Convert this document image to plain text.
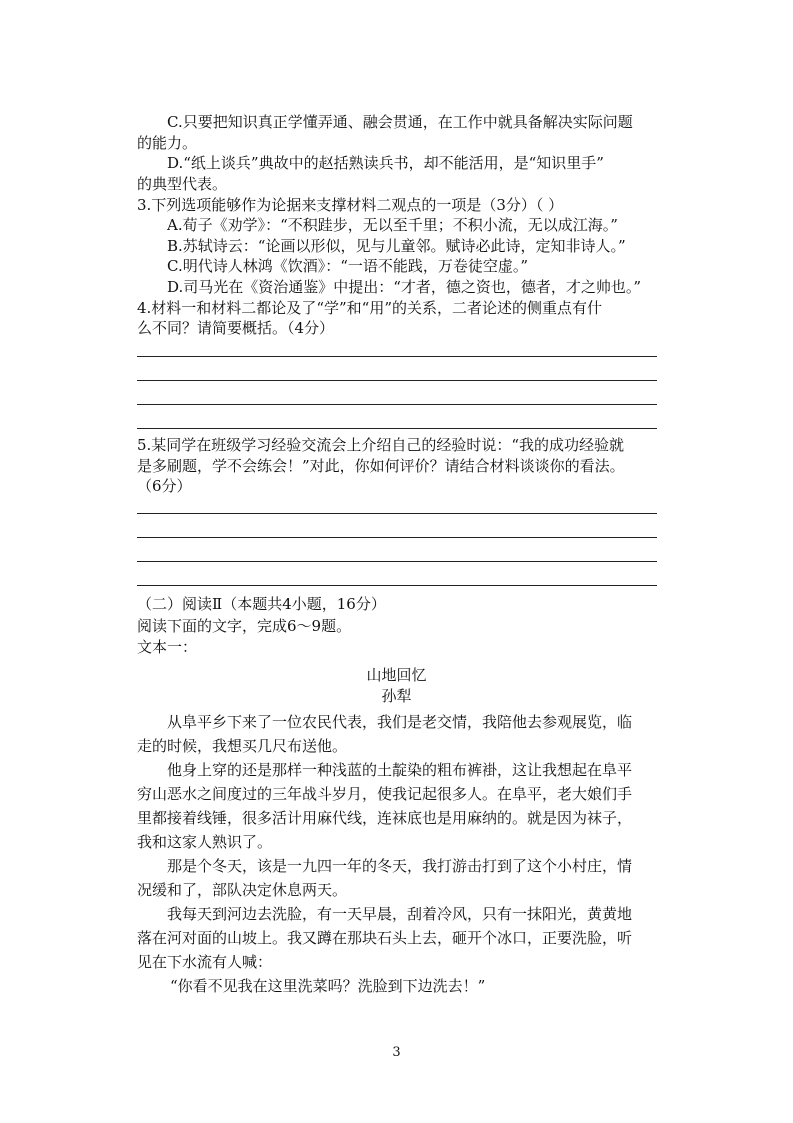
C.只要把知识真正学懂弄通、融会贯通，在工作中就具备解决实际问题
的能力。
D.“纸上谈兵”典故中的赵括熟读兵书，却不能活用，是“知识里手”
的典型代表。
3.下列选项能够作为论据来支撑材料二观点的一项是（3分）（ ）
A.荀子《劝学》：“不积跬步，无以至千里；不积小流，无以成江海。”
B.苏轼诗云：“论画以形似，见与儿童邻。赋诗必此诗，定知非诗人。”
C.明代诗人林鸿《饮酒》：“一语不能践，万卷徒空虚。”
D.司马光在《资治通鉴》中提出：“才者，德之资也，德者，才之帅也。”
4.材料一和材料二都论及了“学”和“用”的关系，二者论述的侧重点有什
么不同？请简要概括。（4分）
5.某同学在班级学习经验交流会上介绍自己的经验时说：“我的成功经验就
是多刷题，学不会练会！”对此，你如何评价？请结合材料谈谈你的看法。
（6分）
（二）阅读Ⅱ（本题共4小题，16分）
阅读下面的文字，完成6～9题。
文本一：
山地回忆
孙犁
从阜平乡下来了一位农民代表，我们是老交情，我陪他去参观展览，临
走的时候，我想买几尺布送他。
他身上穿的还是那样一种浅蓝的土靛染的粗布裤褂，这让我想起在阜平
穷山恶水之间度过的三年战斗岁月，使我记起很多人。在阜平，老大娘们手
里都接着线锤，很多活计用麻代线，连袜底也是用麻纳的。就是因为袜子，
我和这家人熟识了。
那是个冬天，该是一九四一年的冬天，我打游击打到了这个小村庄，情
况缓和了，部队决定休息两天。
我每天到河边去洗脸，有一天早晨，刮着冷风，只有一抹阳光，黄黄地
落在河对面的山坡上。我又蹲在那块石头上去，砸开个冰口，正要洗脸，听
见在下水流有人喊：
“你看不见我在这里洗菜吗？洗脸到下边洗去！”
3
